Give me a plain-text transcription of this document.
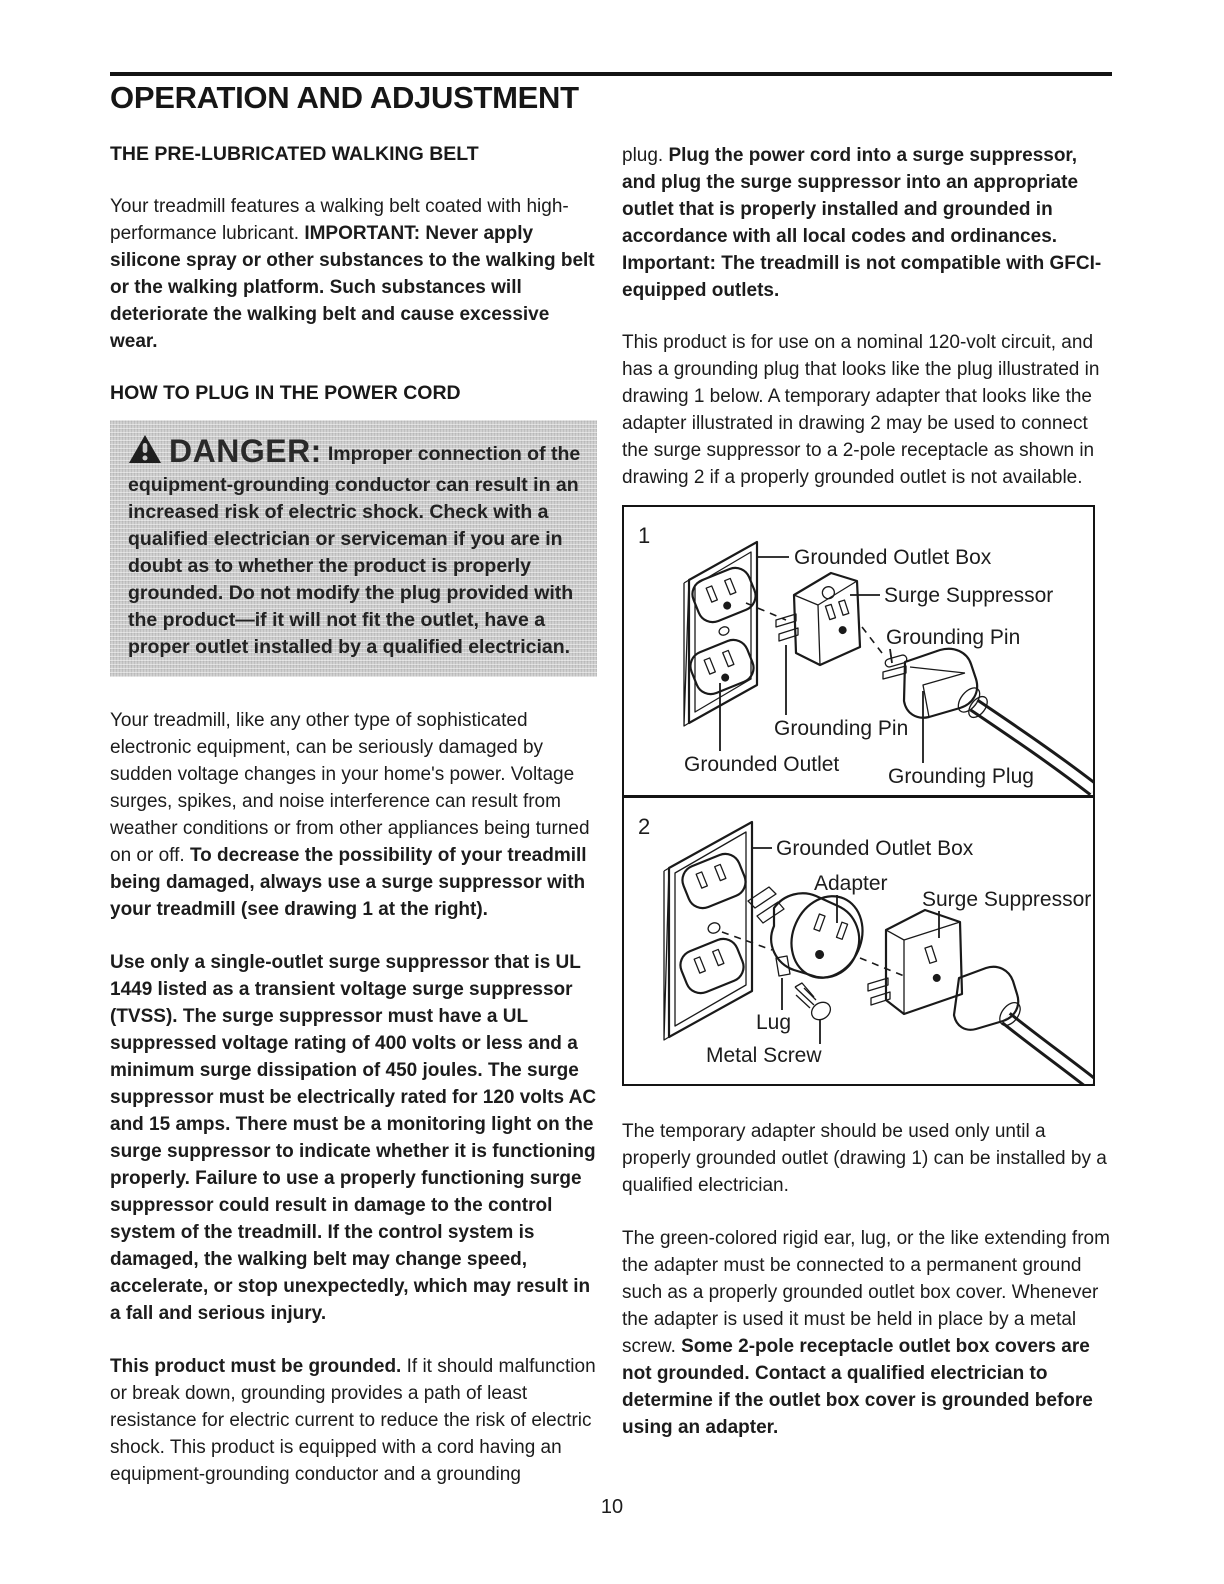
OPERATION AND ADJUSTMENT
THE PRE-LUBRICATED WALKING BELT

Your treadmill features a walking belt coated with high-performance lubricant. IMPORTANT: Never apply silicone spray or other substances to the walking belt or the walking platform. Such substances will deteriorate the walking belt and cause excessive wear.

HOW TO PLUG IN THE POWER CORD

DANGER: Improper connection of the equipment-grounding conductor can result in an increased risk of electric shock. Check with a qualified electrician or serviceman if you are in doubt as to whether the product is properly grounded. Do not modify the plug provided with the product—if it will not fit the outlet, have a proper outlet installed by a qualified electrician.

Your treadmill, like any other type of sophisticated electronic equipment, can be seriously damaged by sudden voltage changes in your home's power. Voltage surges, spikes, and noise interference can result from weather conditions or from other appliances being turned on or off. To decrease the possibility of your treadmill being damaged, always use a surge suppressor with your treadmill (see drawing 1 at the right).

Use only a single-outlet surge suppressor that is UL 1449 listed as a transient voltage surge suppressor (TVSS). The surge suppressor must have a UL suppressed voltage rating of 400 volts or less and a minimum surge dissipation of 450 joules. The surge suppressor must be electrically rated for 120 volts AC and 15 amps. There must be a monitoring light on the surge suppressor to indicate whether it is functioning properly. Failure to use a properly functioning surge suppressor could result in damage to the control system of the treadmill. If the control system is damaged, the walking belt may change speed, accelerate, or stop unexpectedly, which may result in a fall and serious injury.

This product must be grounded. If it should malfunction or break down, grounding provides a path of least resistance for electric current to reduce the risk of electric shock. This product is equipped with a cord having an equipment-grounding conductor and a grounding

plug. Plug the power cord into a surge suppressor, and plug the surge suppressor into an appropriate outlet that is properly installed and grounded in accordance with all local codes and ordinances. Important: The treadmill is not compatible with GFCI-equipped outlets.

This product is for use on a nominal 120-volt circuit, and has a grounding plug that looks like the plug illustrated in drawing 1 below. A temporary adapter that looks like the adapter illustrated in drawing 2 may be used to connect the surge suppressor to a 2-pole receptacle as shown in drawing 2 if a properly grounded outlet is not available.

1
Grounded Outlet Box
Surge Suppressor
Grounding Pin
Grounding Pin
Grounded Outlet
Grounding Plug
2
Grounded Outlet Box
Adapter
Surge Suppressor
Lug
Metal Screw

The temporary adapter should be used only until a properly grounded outlet (drawing 1) can be installed by a qualified electrician.

The green-colored rigid ear, lug, or the like extending from the adapter must be connected to a permanent ground such as a properly grounded outlet box cover. Whenever the adapter is used it must be held in place by a metal screw. Some 2-pole receptacle outlet box covers are not grounded. Contact a qualified electrician to determine if the outlet box cover is grounded before using an adapter.

10
